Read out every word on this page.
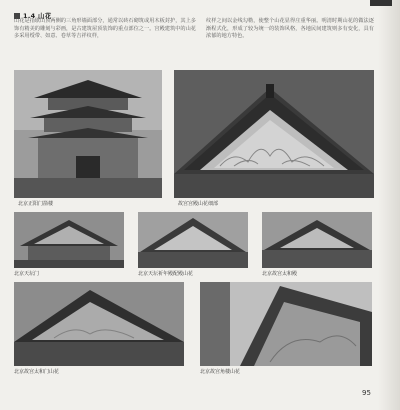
1.4 山花
山花是指歇山顶两侧的三角形墙面部分，通常以砖石砌筑或用木板封护，其上多饰有精美的雕刻与彩画，是古建筑屋顶装饰的重点部位之一。宫殿建筑中的山花多采用绶带、如意、卷草等吉祥纹样，
纹样之间以金线勾勒，使整个山花显得庄重华丽。明清时期山花的做法逐渐程式化，形成了较为统一的装饰风格，各地民间建筑则多有变化，具有浓郁的地方特色。
北京正阳门箭楼	故宫宫殿山花细部
北京天坛门	北京天坛祈年殿配殿山花	北京故宫太和殿
北京故宫太和门山花	北京故宫角楼山花
95
